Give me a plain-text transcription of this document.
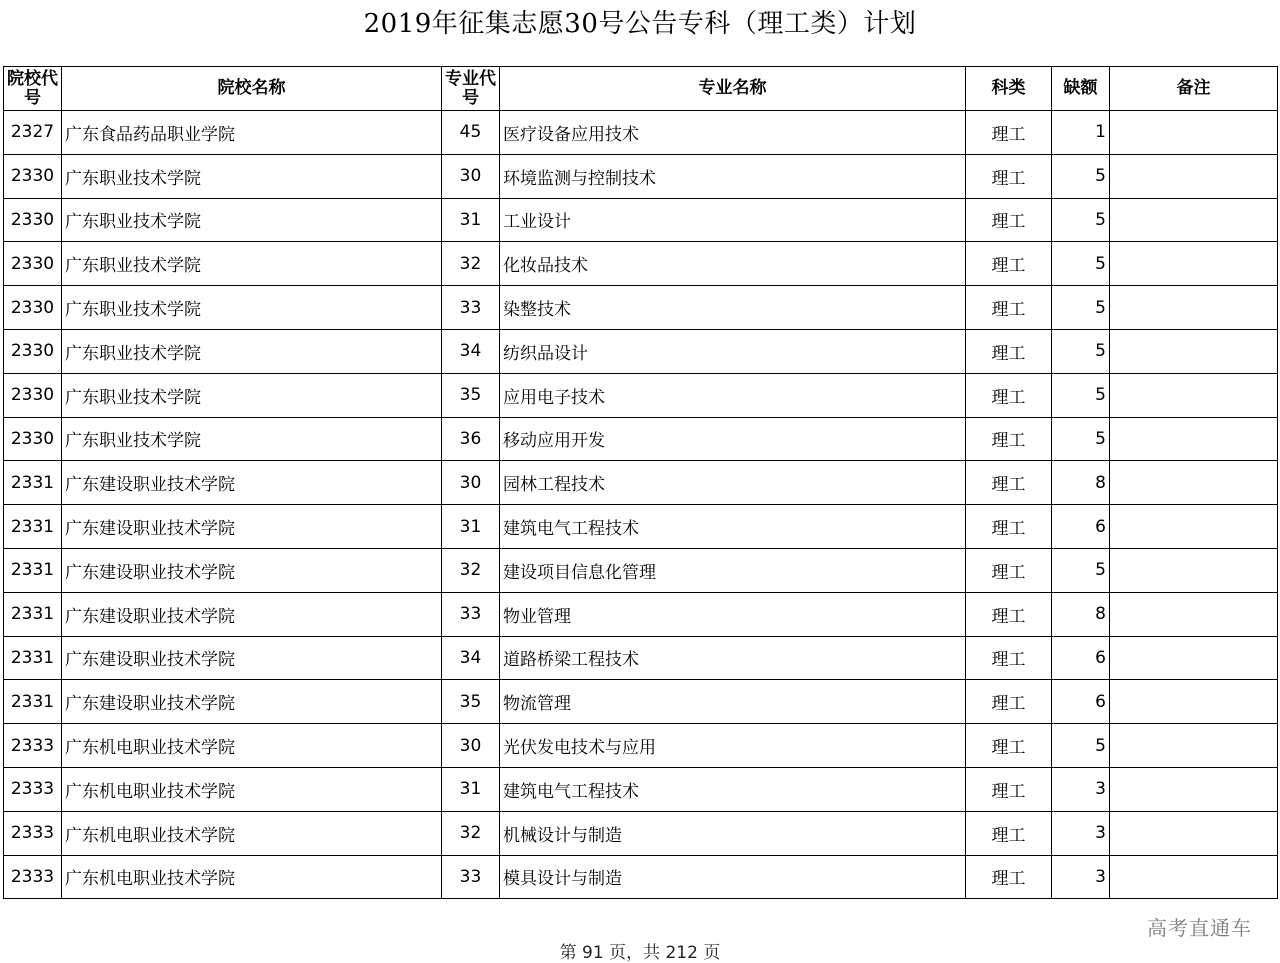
2019年征集志愿30号公告专科（理工类）计划
院校代号	院校名称	专业代号	专业名称	科类	缺额	备注
2327	广东食品药品职业学院	45	医疗设备应用技术	理工	1	
2330	广东职业技术学院	30	环境监测与控制技术	理工	5	
2330	广东职业技术学院	31	工业设计	理工	5	
2330	广东职业技术学院	32	化妆品技术	理工	5	
2330	广东职业技术学院	33	染整技术	理工	5	
2330	广东职业技术学院	34	纺织品设计	理工	5	
2330	广东职业技术学院	35	应用电子技术	理工	5	
2330	广东职业技术学院	36	移动应用开发	理工	5	
2331	广东建设职业技术学院	30	园林工程技术	理工	8	
2331	广东建设职业技术学院	31	建筑电气工程技术	理工	6	
2331	广东建设职业技术学院	32	建设项目信息化管理	理工	5	
2331	广东建设职业技术学院	33	物业管理	理工	8	
2331	广东建设职业技术学院	34	道路桥梁工程技术	理工	6	
2331	广东建设职业技术学院	35	物流管理	理工	6	
2333	广东机电职业技术学院	30	光伏发电技术与应用	理工	5	
2333	广东机电职业技术学院	31	建筑电气工程技术	理工	3	
2333	广东机电职业技术学院	32	机械设计与制造	理工	3	
2333	广东机电职业技术学院	33	模具设计与制造	理工	3	
高考直通车
第 91 页，共 212 页
